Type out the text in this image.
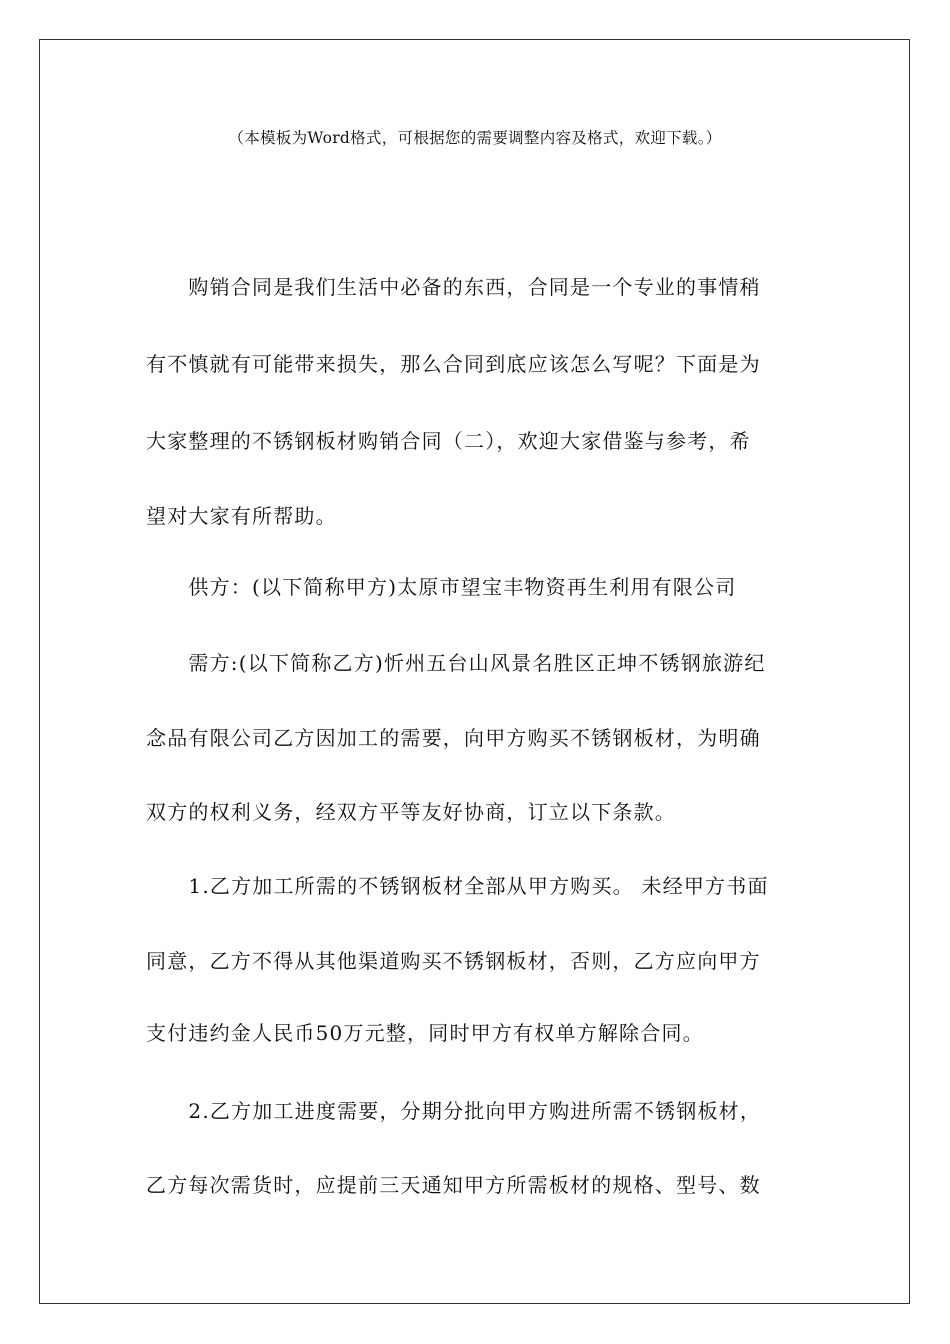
（本模板为Word格式，可根据您的需要调整内容及格式，欢迎下载。）
　　购销合同是我们生活中必备的东西，合同是一个专业的事情稍
有不慎就有可能带来损失，那么合同到底应该怎么写呢？下面是为
大家整理的不锈钢板材购销合同（二），欢迎大家借鉴与参考，希
望对大家有所帮助。
　　供方：(以下简称甲方)太原市望宝丰物资再生利用有限公司
　　需方:(以下简称乙方)忻州五台山风景名胜区正坤不锈钢旅游纪
念品有限公司乙方因加工的需要，向甲方购买不锈钢板材，为明确
双方的权利义务，经双方平等友好协商，订立以下条款。
　　1.乙方加工所需的不锈钢板材全部从甲方购买。 未经甲方书面
同意，乙方不得从其他渠道购买不锈钢板材，否则，乙方应向甲方
支付违约金人民币50万元整，同时甲方有权单方解除合同。
　　2.乙方加工进度需要，分期分批向甲方购进所需不锈钢板材，
乙方每次需货时，应提前三天通知甲方所需板材的规格、型号、数
